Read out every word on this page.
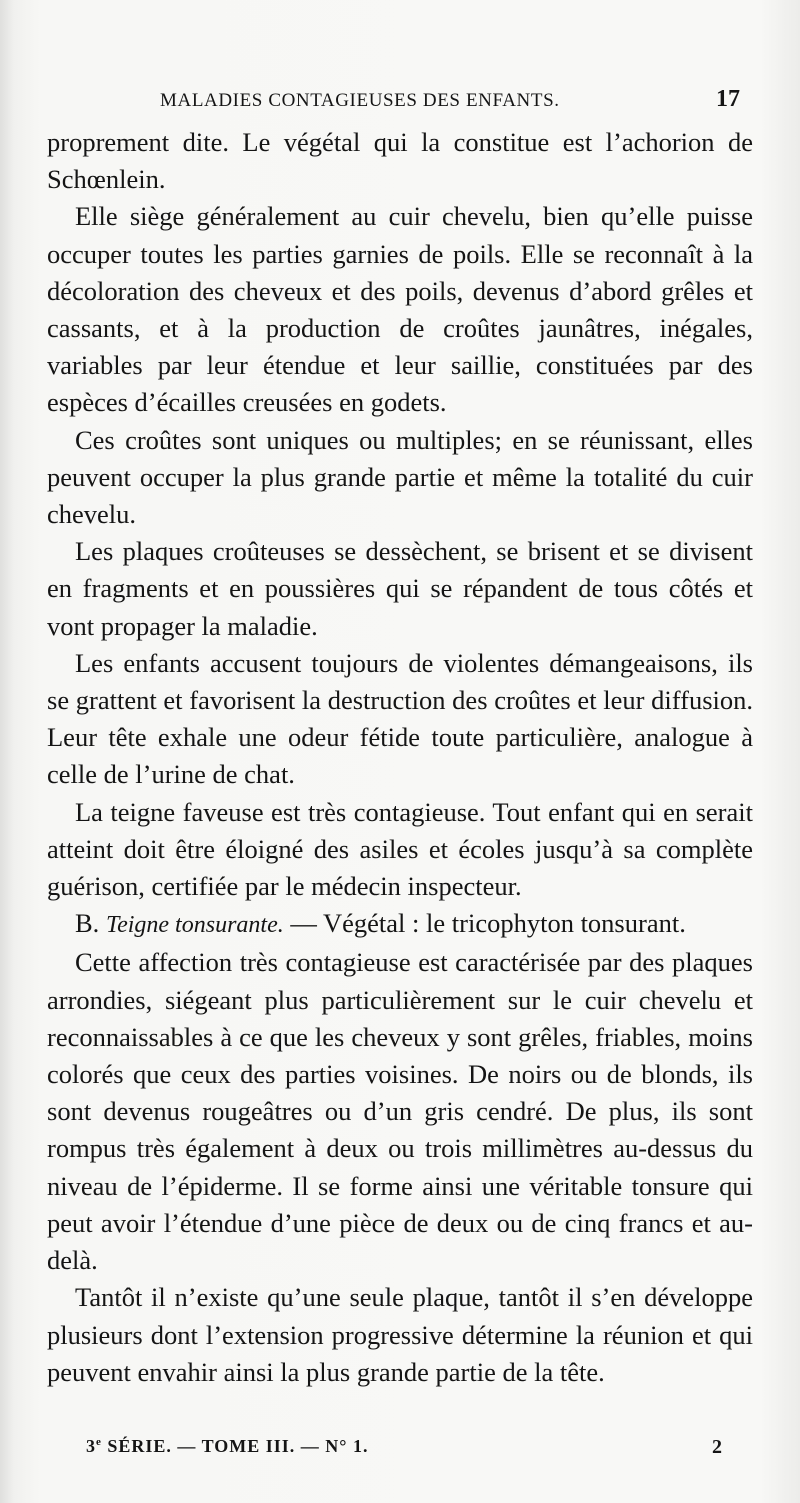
MALADIES CONTAGIEUSES DES ENFANTS.	17

proprement dite. Le végétal qui la constitue est l’achorion de Schœnlein.

Elle siège généralement au cuir chevelu, bien qu’elle puisse occuper toutes les parties garnies de poils. Elle se reconnaît à la décoloration des cheveux et des poils, devenus d’abord grêles et cassants, et à la production de croûtes jaunâtres, inégales, variables par leur étendue et leur saillie, constituées par des espèces d’écailles creusées en godets.

Ces croûtes sont uniques ou multiples; en se réunissant, elles peuvent occuper la plus grande partie et même la totalité du cuir chevelu.

Les plaques croûteuses se dessèchent, se brisent et se divisent en fragments et en poussières qui se répandent de tous côtés et vont propager la maladie.

Les enfants accusent toujours de violentes démangeaisons, ils se grattent et favorisent la destruction des croûtes et leur diffusion. Leur tête exhale une odeur fétide toute particulière, analogue à celle de l’urine de chat.

La teigne faveuse est très contagieuse. Tout enfant qui en serait atteint doit être éloigné des asiles et écoles jusqu’à sa complète guérison, certifiée par le médecin inspecteur.

B. Teigne tonsurante. — Végétal : le tricophyton tonsurant.

Cette affection très contagieuse est caractérisée par des plaques arrondies, siégeant plus particulièrement sur le cuir chevelu et reconnaissables à ce que les cheveux y sont grêles, friables, moins colorés que ceux des parties voisines. De noirs ou de blonds, ils sont devenus rougeâtres ou d’un gris cendré. De plus, ils sont rompus très également à deux ou trois millimètres au-dessus du niveau de l’épiderme. Il se forme ainsi une véritable tonsure qui peut avoir l’étendue d’une pièce de deux ou de cinq francs et au-delà.

Tantôt il n’existe qu’une seule plaque, tantôt il s’en développe plusieurs dont l’extension progressive détermine la réunion et qui peuvent envahir ainsi la plus grande partie de la tête.

3e SÉRIE. — TOME III. — N° 1.	2
